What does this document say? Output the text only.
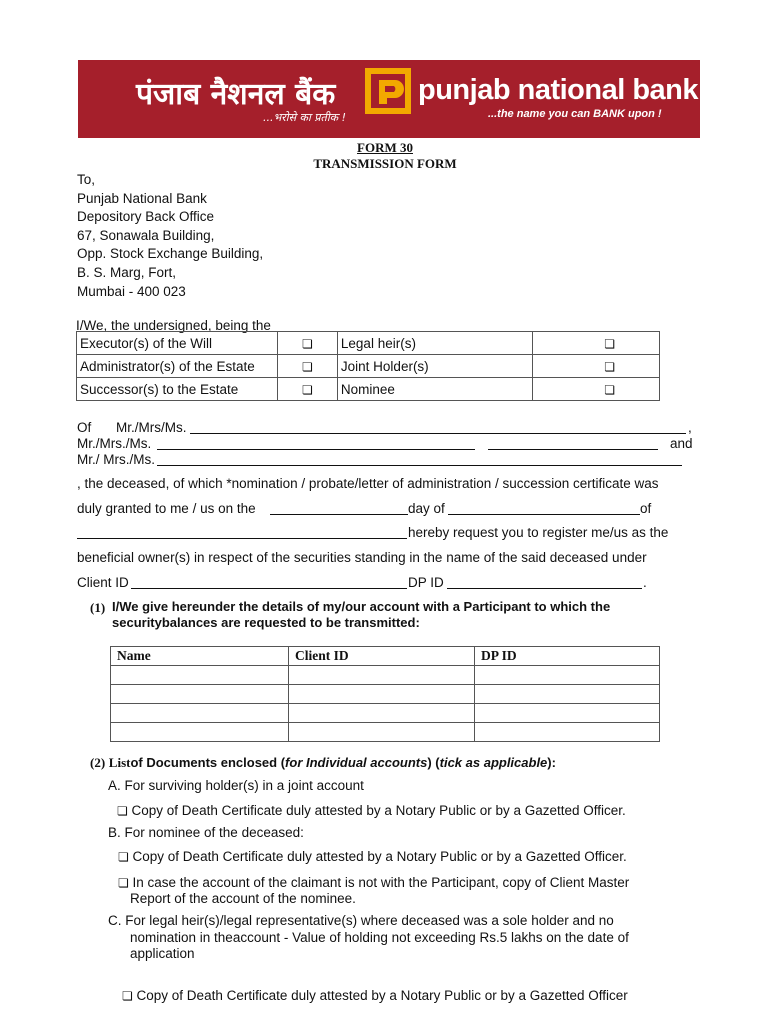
पंजाब नैशनल बैंक
...भरोसे का प्रतीक !
punjab national bank
...the name you can BANK upon !
FORM 30
TRANSMISSION FORM
To,
Punjab National Bank
Depository Back Office
67, Sonawala Building,
Opp. Stock Exchange Building,
B. S. Marg, Fort,
Mumbai - 400 023
I/We, the undersigned, being the
Executor(s) of the Will	❏	Legal heir(s)	❏
Administrator(s) of the Estate	❏	Joint Holder(s)	❏
Successor(s) to the Estate	❏	Nominee	❏
Of Mr./Mrs/Ms.	,
Mr./Mrs./Ms.	and
Mr./ Mrs./Ms.
, the deceased, of which *nomination / probate/letter of administration / succession certificate was
duly granted to me / us on the	day of	of
hereby request you to register me/us as the
beneficial owner(s) in respect of the securities standing in the name of the said deceased under
Client ID	DP ID	.
(1) I/We give hereunder the details of my/our account with a Participant to which the
securitybalances are requested to be transmitted:
Name	Client ID	DP ID

(2) Listof Documents enclosed (for Individual accounts) (tick as applicable):
A. For surviving holder(s) in a joint account
❏ Copy of Death Certificate duly attested by a Notary Public or by a Gazetted Officer.
B. For nominee of the deceased:
❏ Copy of Death Certificate duly attested by a Notary Public or by a Gazetted Officer.
❏ In case the account of the claimant is not with the Participant, copy of Client Master
Report of the account of the nominee.
C. For legal heir(s)/legal representative(s) where deceased was a sole holder and no
nomination in theaccount - Value of holding not exceeding Rs.5 lakhs on the date of
application
❏ Copy of Death Certificate duly attested by a Notary Public or by a Gazetted Officer
